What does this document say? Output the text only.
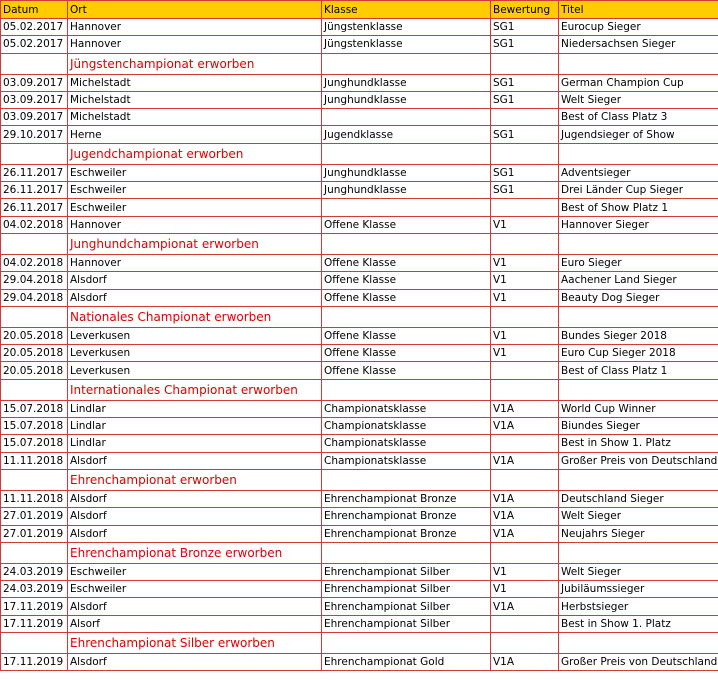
Datum	Ort	Klasse	Bewertung	Titel
05.02.2017	Hannover	Jüngstenklasse	SG1	Eurocup Sieger
05.02.2017	Hannover	Jüngstenklasse	SG1	Niedersachsen Sieger
	Jüngstenchampionat erworben			
03.09.2017	Michelstadt	Junghundklasse	SG1	German Champion Cup
03.09.2017	Michelstadt	Junghundklasse	SG1	Welt Sieger
03.09.2017	Michelstadt			Best of Class Platz 3
29.10.2017	Herne	Jugendklasse	SG1	Jugendsieger of Show
	Jugendchampionat erworben			
26.11.2017	Eschweiler	Junghundklasse	SG1	Adventsieger
26.11.2017	Eschweiler	Junghundklasse	SG1	Drei Länder Cup Sieger
26.11.2017	Eschweiler			Best of Show Platz 1
04.02.2018	Hannover	Offene Klasse	V1	Hannover Sieger
	Junghundchampionat erworben			
04.02.2018	Hannover	Offene Klasse	V1	Euro Sieger
29.04.2018	Alsdorf	Offene Klasse	V1	Aachener Land Sieger
29.04.2018	Alsdorf	Offene Klasse	V1	Beauty Dog Sieger
	Nationales Championat erworben			
20.05.2018	Leverkusen	Offene Klasse	V1	Bundes Sieger 2018
20.05.2018	Leverkusen	Offene Klasse	V1	Euro Cup Sieger 2018
20.05.2018	Leverkusen	Offene Klasse		Best of Class Platz 1
	Internationales Championat erworben			
15.07.2018	Lindlar	Championatsklasse	V1A	World Cup Winner
15.07.2018	Lindlar	Championatsklasse	V1A	Biundes Sieger
15.07.2018	Lindlar	Championatsklasse		Best in Show 1. Platz
11.11.2018	Alsdorf	Championatsklasse	V1A	Großer Preis von Deutschland
	Ehrenchampionat erworben			
11.11.2018	Alsdorf	Ehrenchampionat Bronze	V1A	Deutschland Sieger
27.01.2019	Alsdorf	Ehrenchampionat Bronze	V1A	Welt Sieger
27.01.2019	Alsdorf	Ehrenchampionat Bronze	V1A	Neujahrs Sieger
	Ehrenchampionat Bronze erworben			
24.03.2019	Eschweiler	Ehrenchampionat Silber	V1	Welt Sieger
24.03.2019	Eschweiler	Ehrenchampionat Silber	V1	Jubiläumssieger
17.11.2019	Alsdorf	Ehrenchampionat Silber	V1A	Herbstsieger
17.11.2019	Alsorf	Ehrenchampionat Silber		Best in Show 1. Platz
	Ehrenchampionat Silber erworben			
17.11.2019	Alsdorf	Ehrenchampionat Gold	V1A	Großer Preis von Deutschland
